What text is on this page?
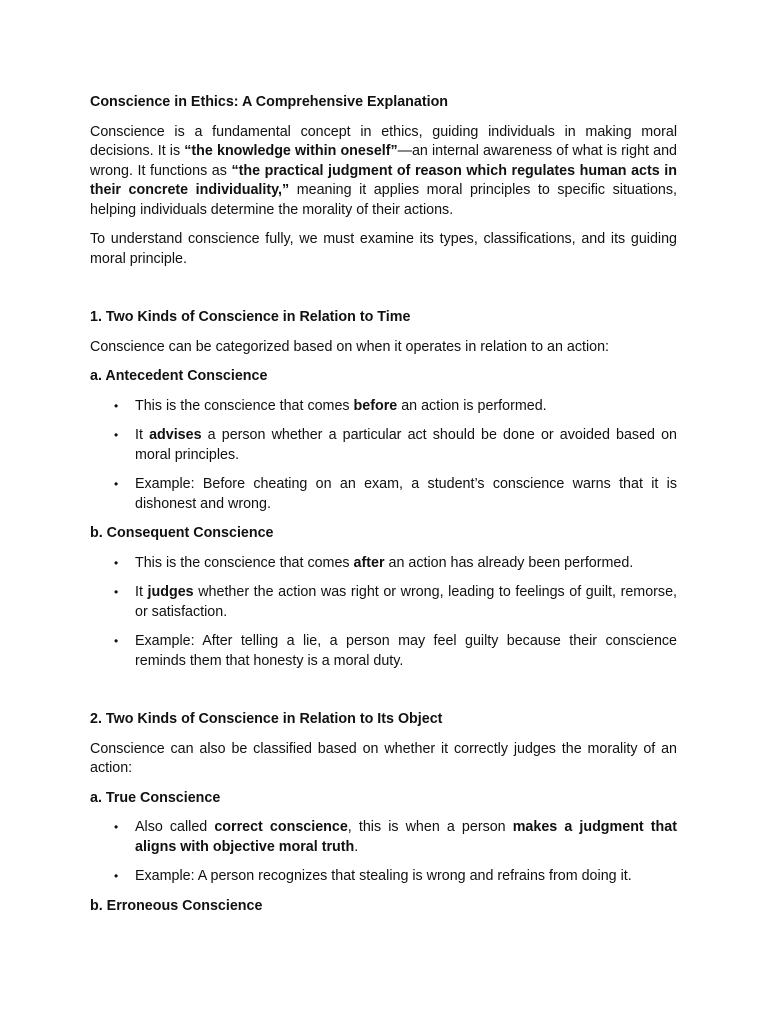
Conscience in Ethics: A Comprehensive Explanation

Conscience is a fundamental concept in ethics, guiding individuals in making moral decisions. It is “the knowledge within oneself”—an internal awareness of what is right and wrong. It functions as “the practical judgment of reason which regulates human acts in their concrete individuality,” meaning it applies moral principles to specific situations, helping individuals determine the morality of their actions.

To understand conscience fully, we must examine its types, classifications, and its guiding moral principle.

1. Two Kinds of Conscience in Relation to Time

Conscience can be categorized based on when it operates in relation to an action:

a. Antecedent Conscience
• This is the conscience that comes before an action is performed.
• It advises a person whether a particular act should be done or avoided based on moral principles.
• Example: Before cheating on an exam, a student’s conscience warns that it is dishonest and wrong.
b. Consequent Conscience
• This is the conscience that comes after an action has already been performed.
• It judges whether the action was right or wrong, leading to feelings of guilt, remorse, or satisfaction.
• Example: After telling a lie, a person may feel guilty because their conscience reminds them that honesty is a moral duty.
2. Two Kinds of Conscience in Relation to Its Object

Conscience can also be classified based on whether it correctly judges the morality of an action:

a. True Conscience
• Also called correct conscience, this is when a person makes a judgment that aligns with objective moral truth.
• Example: A person recognizes that stealing is wrong and refrains from doing it.
b. Erroneous Conscience
